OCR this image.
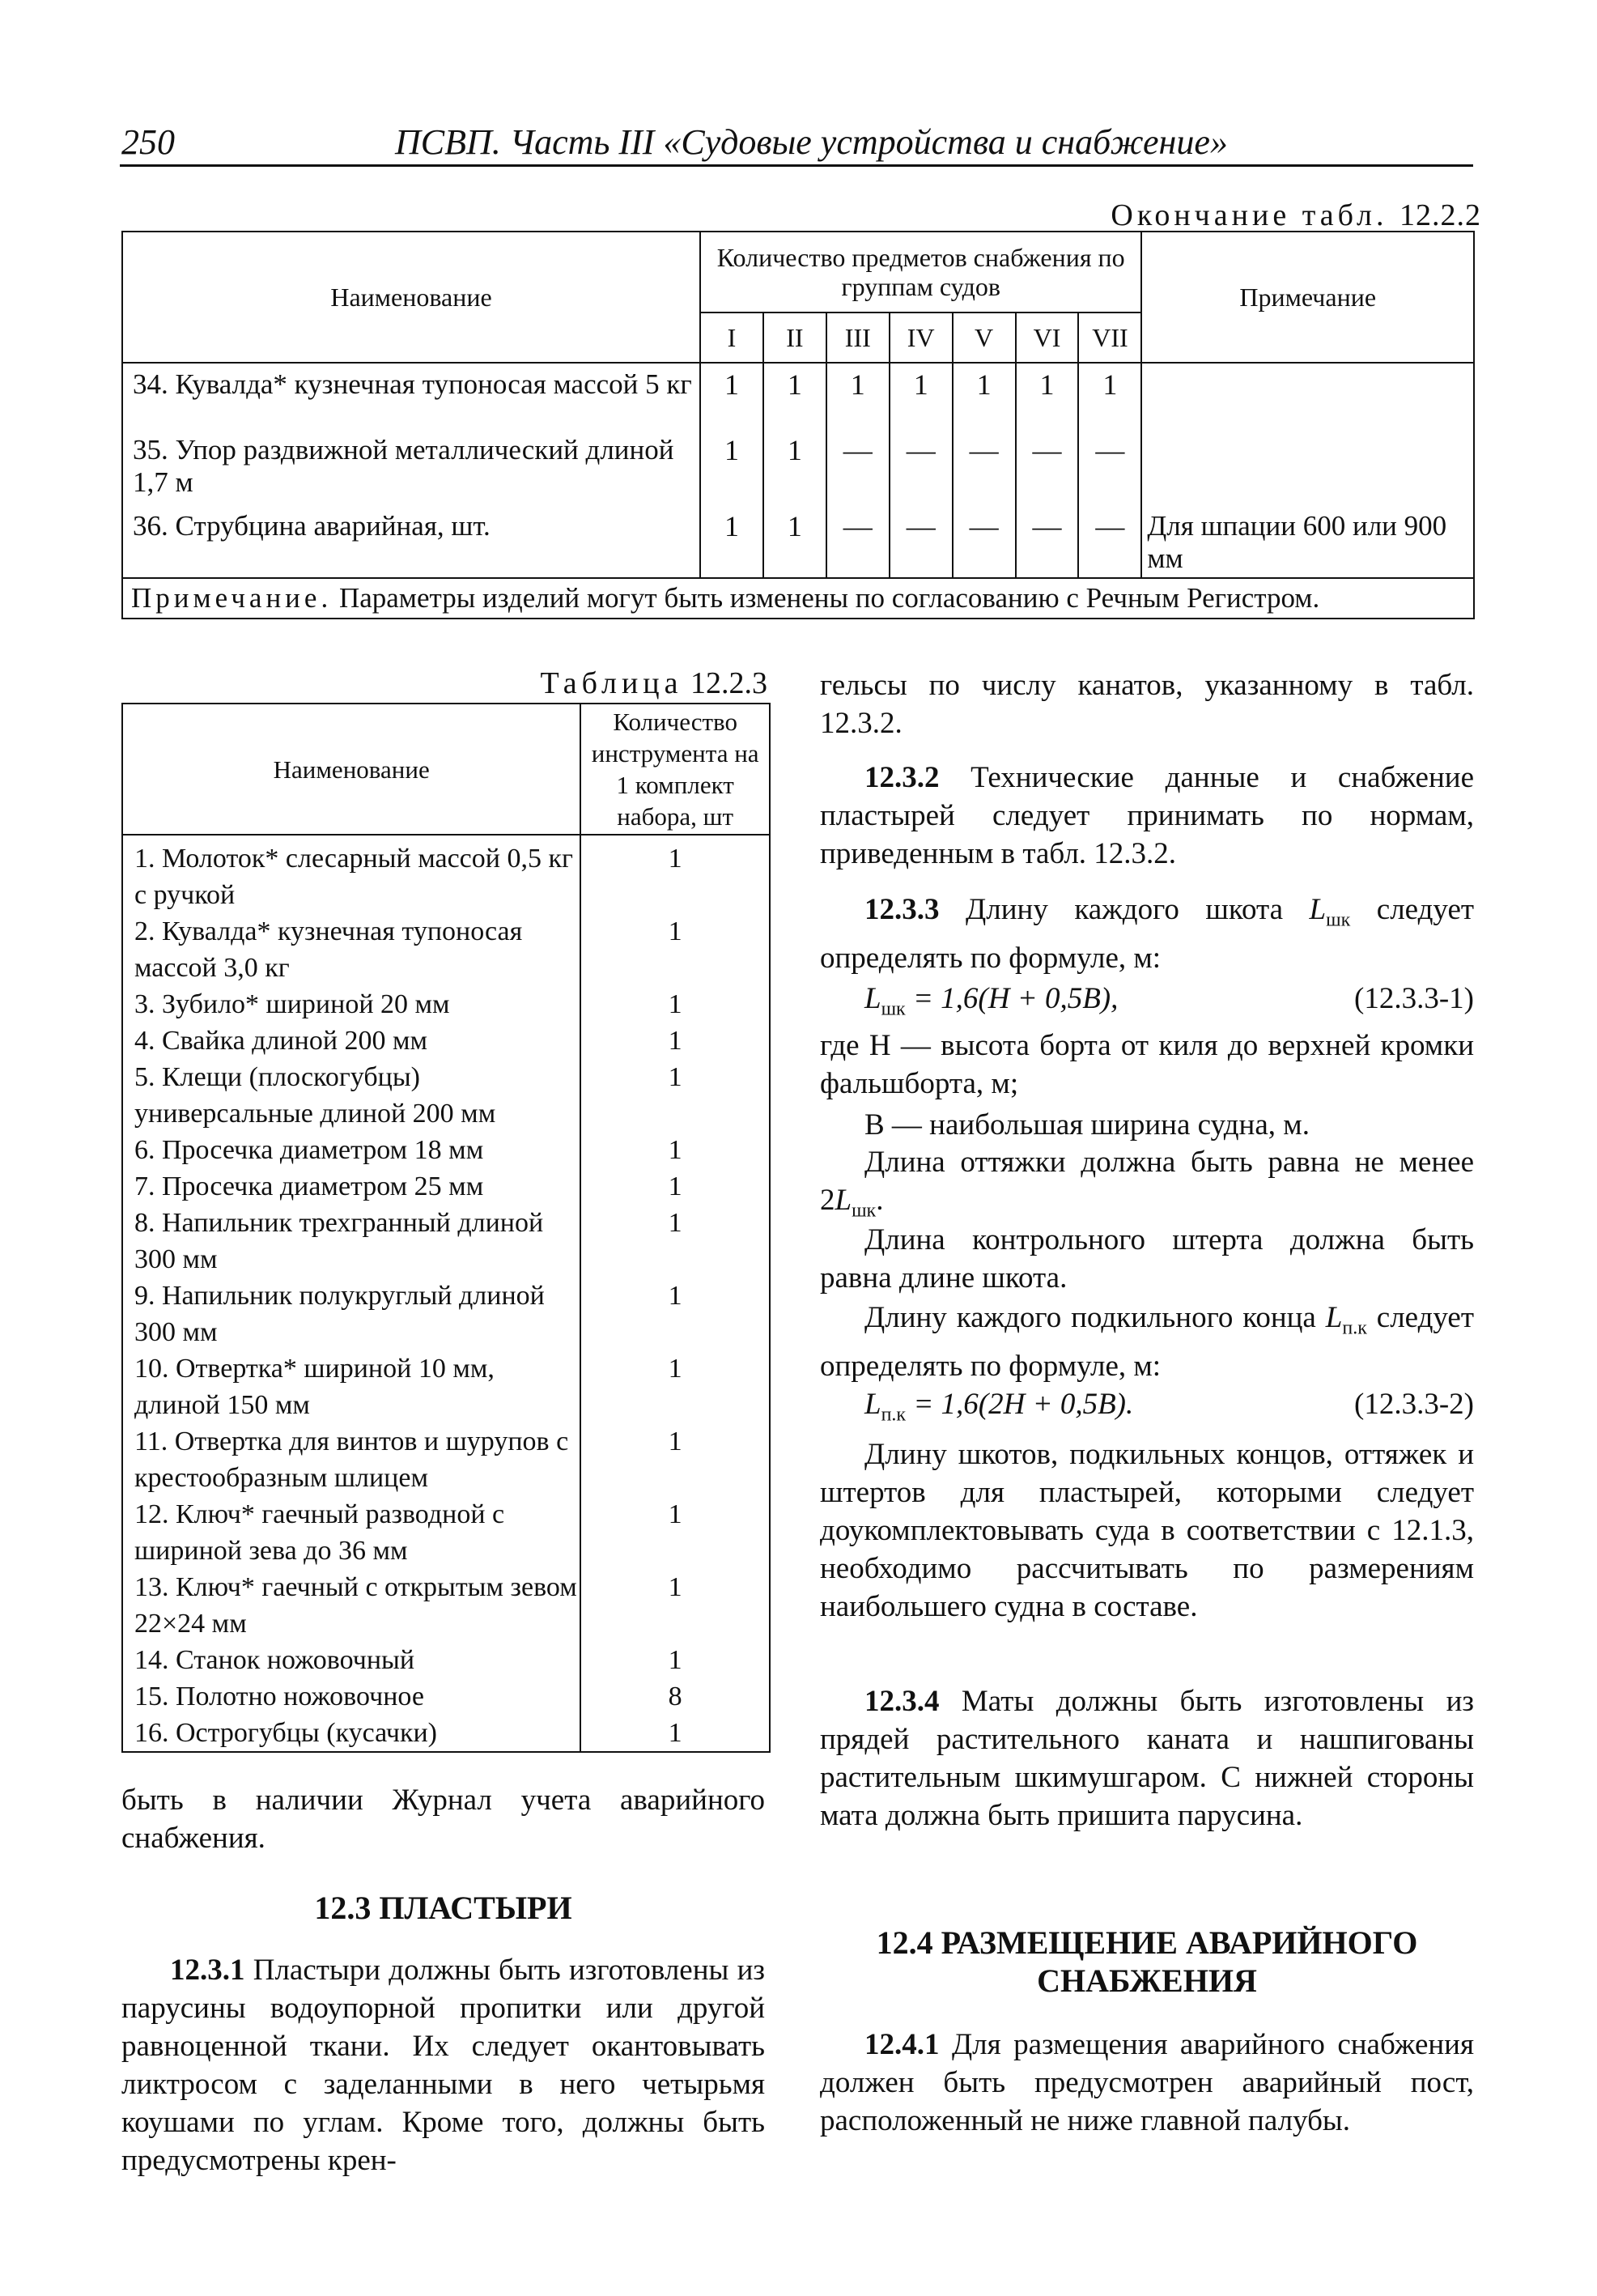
250	ПСВП. Часть III «Судовые устройства и снабжение»
Окончание табл. 12.2.2
Наименование	Количество предметов снабжения по группам судов							Примечание
	I	II	III	IV	V	VI	VII	
34. Кувалда* кузнечная тупоносая массой 5 кг	1	1	1	1	1	1	1	
35. Упор раздвижной металлический длиной 1,7 м	1	1	—	—	—	—	—	
36. Струбцина аварийная, шт.	1	1	—	—	—	—	—	Для шпации 600 или 900 мм
Примечание. Параметры изделий могут быть изменены по согласованию с Речным Регистром.								
Таблица 12.2.3
Наименование	Количество инструмента на 1 комплект набора, шт
1. Молоток* слесарный массой 0,5 кг с ручкой	1
2. Кувалда* кузнечная тупоносая массой 3,0 кг	1
3. Зубило* шириной 20 мм	1
4. Свайка длиной 200 мм	1
5. Клещи (плоскогубцы) универсальные длиной 200 мм	1
6. Просечка диаметром 18 мм	1
7. Просечка диаметром 25 мм	1
8. Напильник трехгранный длиной 300 мм	1
9. Напильник полукруглый длиной 300 мм	1
10. Отвертка* шириной 10 мм, длиной 150 мм	1
11. Отвертка для винтов и шурупов с крестообразным шлицем	1
12. Ключ* гаечный разводной с шириной зева до 36 мм	1
13. Ключ* гаечный с открытым зевом 22×24 мм	1
14. Станок ножовочный	1
15. Полотно ножовочное	8
16. Острогубцы (кусачки)	1
быть в наличии Журнал учета аварийного снабжения.
12.3 ПЛАСТЫРИ
12.3.1 Пластыри должны быть изготовлены из парусины водоупорной пропитки или другой равноценной ткани. Их следует окантовывать ликтросом с заделанными в него четырьмя коушами по углам. Кроме того, должны быть предусмотрены крен-
гельсы по числу канатов, указанному в табл. 12.3.2.
12.3.2 Технические данные и снабжение пластырей следует принимать по нормам, приведенным в табл. 12.3.2.
12.3.3 Длину каждого шкота $L_{шк}$ следует определять по формуле, м:
$L_{шк} = 1,6(H + 0,5B)$,	(12.3.3-1)
где H — высота борта от киля до верхней кромки фальшборта, м;
B — наибольшая ширина судна, м.
Длина оттяжки должна быть равна не менее $2L_{шк}$.
Длина контрольного штерта должна быть равна длине шкота.
Длину каждого подкильного конца $L_{п.к}$ следует определять по формуле, м:
$L_{п.к} = 1,6(2H + 0,5B)$.	(12.3.3-2)
Длину шкотов, подкильных концов, оттяжек и штертов для пластырей, которыми следует доукомплектовывать суда в соответствии с 12.1.3, необходимо рассчитывать по размерениям наибольшего судна в составе.
12.3.4 Маты должны быть изготовлены из прядей растительного каната и нашпигованы растительным шкимушгаром. С нижней стороны мата должна быть пришита парусина.
12.4 РАЗМЕЩЕНИЕ АВАРИЙНОГО СНАБЖЕНИЯ
12.4.1 Для размещения аварийного снабжения должен быть предусмотрен аварийный пост, расположенный не ниже главной палубы.
